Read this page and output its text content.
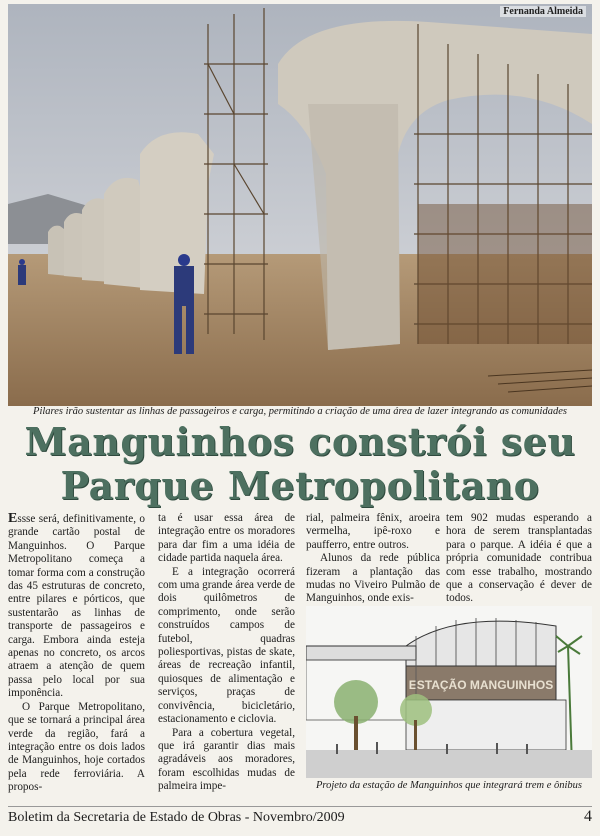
Fernanda Almeida
Pilares irão sustentar as linhas de passageiros e carga, permitindo a criação de uma área de lazer integrando as comunidades
Manguinhos constrói seu
Parque Metropolitano

Essse será, definitivamente, o grande cartão postal de Manguinhos. O Parque Metropolitano começa a tomar forma com a construção das 45 estruturas de concreto, entre pilares e pórticos, que sustentarão as linhas de transporte de passageiros e carga. Embora ainda esteja apenas no concreto, os arcos atraem a atenção de quem passa pelo local por sua imponência.

O Parque Metropolitano, que se tornará a principal área verde da região, fará a integração entre os dois lados de Manguinhos, hoje cortados pela rede ferroviária. A propos-

ta é usar essa área de integração entre os moradores para dar fim a uma idéia de cidade partida naquela área.

E a integração ocorrerá com uma grande área verde de dois quilômetros de comprimento, onde serão construídos campos de futebol, quadras poliesportivas, pistas de skate, áreas de recreação infantil, quiosques de alimentação e serviços, praças de convivência, bicicletário, estacionamento e ciclovia.

Para a cobertura vegetal, que irá garantir dias mais agradáveis aos moradores, foram escolhidas mudas de palmeira impe-

rial, palmeira fênix, aroeira vermelha, ipê-roxo e paufferro, entre outros.

Alunos da rede pública fizeram a plantação das mudas no Viveiro Pulmão de Manguinhos, onde exis-

tem 902 mudas esperando a hora de serem transplantadas para o parque. A idéia é que a própria comunidade contribua com esse trabalho, mostrando que a conservação é dever de todos.

ESTAÇÃO MANGUINHOS
Projeto da estação de Manguinhos que integrará trem e ônibus
Boletim da Secretaria de Estado de Obras - Novembro/2009	4
